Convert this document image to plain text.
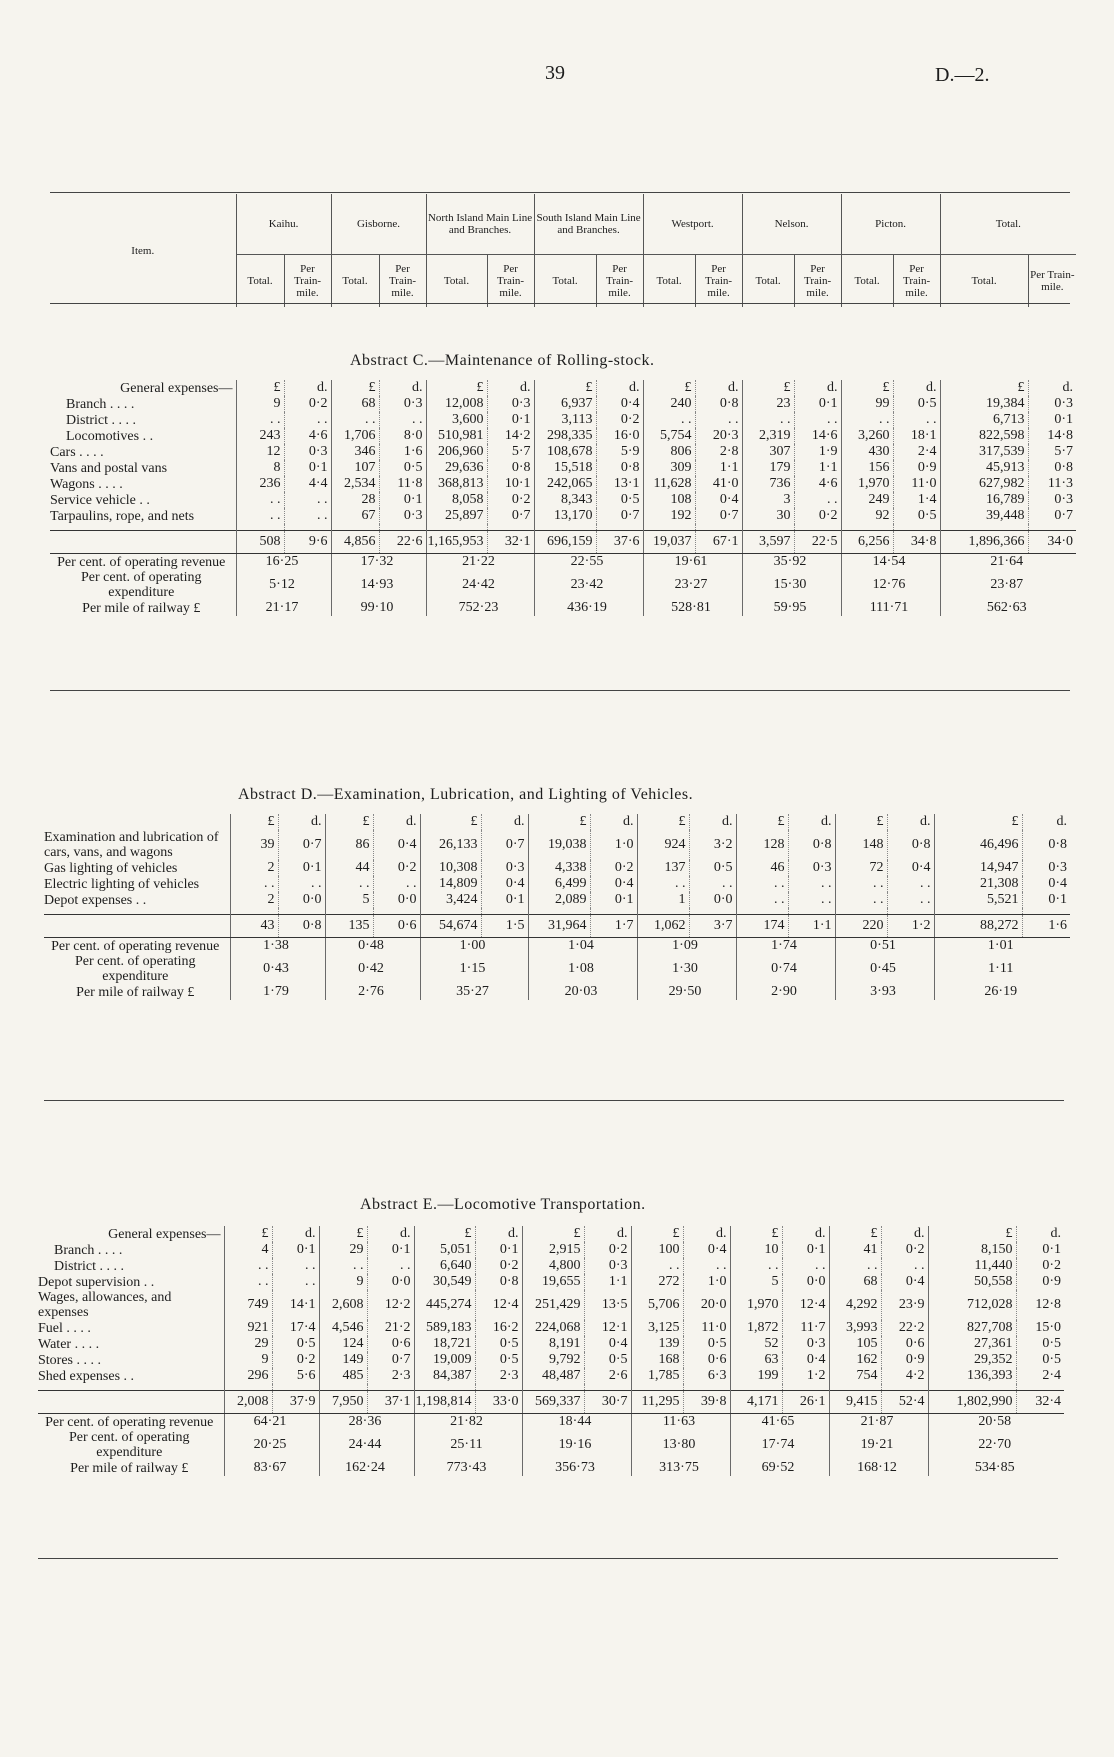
39	D.—2.
Item.	Kaihu.		Gisborne.		North Island Main Line and Branches.		South Island Main Line and Branches.		Westport.		Nelson.		Picton.		Total.	
	Total.	Per Train-mile.	Total.	Per Train-mile.	Total.	Per Train-mile.	Total.	Per Train-mile.	Total.	Per Train-mile.	Total.	Per Train-mile.	Total.	Per Train-mile.	Total.	Per Train-mile.
Abstract C.—Maintenance of Rolling-stock.
General expenses—	£	d.	£	d.	£	d.	£	d.	£	d.	£	d.	£	d.	£	d.
Branch . . . .	9	0·2	68	0·3	12,008	0·3	6,937	0·4	240	0·8	23	0·1	99	0·5	19,384	0·3
District . . . .	. .	. .	. .	. .	3,600	0·1	3,113	0·2	. .	. .	. .	. .	. .	. .	6,713	0·1
Locomotives . .	243	4·6	1,706	8·0	510,981	14·2	298,335	16·0	5,754	20·3	2,319	14·6	3,260	18·1	822,598	14·8
Cars . . . .	12	0·3	346	1·6	206,960	5·7	108,678	5·9	806	2·8	307	1·9	430	2·4	317,539	5·7
Vans and postal vans	8	0·1	107	0·5	29,636	0·8	15,518	0·8	309	1·1	179	1·1	156	0·9	45,913	0·8
Wagons . . . .	236	4·4	2,534	11·8	368,813	10·1	242,065	13·1	11,628	41·0	736	4·6	1,970	11·0	627,982	11·3
Service vehicle . .	. .	. .	28	0·1	8,058	0·2	8,343	0·5	108	0·4	3	. .	249	1·4	16,789	0·3
Tarpaulins, rope, and nets	. .	. .	67	0·3	25,897	0·7	13,170	0·7	192	0·7	30	0·2	92	0·5	39,448	0·7

	508	9·6	4,856	22·6	1,165,953	32·1	696,159	37·6	19,037	67·1	3,597	22·5	6,256	34·8	1,896,366	34·0
Per cent. of operating revenue	16·25		17·32		21·22		22·55		19·61		35·92		14·54		21·64	
Per cent. of operating expenditure	5·12		14·93		24·42		23·42		23·27		15·30		12·76		23·87	
Per mile of railway £	21·17		99·10		752·23		436·19		528·81		59·95		111·71		562·63	
Abstract D.—Examination, Lubrication, and Lighting of Vehicles.
	£	d.	£	d.	£	d.	£	d.	£	d.	£	d.	£	d.	£	d.
Examination and lubrication of cars, vans, and wagons	39	0·7	86	0·4	26,133	0·7	19,038	1·0	924	3·2	128	0·8	148	0·8	46,496	0·8
Gas lighting of vehicles	2	0·1	44	0·2	10,308	0·3	4,338	0·2	137	0·5	46	0·3	72	0·4	14,947	0·3
Electric lighting of vehicles	. .	. .	. .	. .	14,809	0·4	6,499	0·4	. .	. .	. .	. .	. .	. .	21,308	0·4
Depot expenses . .	2	0·0	5	0·0	3,424	0·1	2,089	0·1	1	0·0	. .	. .	. .	. .	5,521	0·1

	43	0·8	135	0·6	54,674	1·5	31,964	1·7	1,062	3·7	174	1·1	220	1·2	88,272	1·6
Per cent. of operating revenue	1·38		0·48		1·00		1·04		1·09		1·74		0·51		1·01	
Per cent. of operating expenditure	0·43		0·42		1·15		1·08		1·30		0·74		0·45		1·11	
Per mile of railway £	1·79		2·76		35·27		20·03		29·50		2·90		3·93		26·19	
Abstract E.—Locomotive Transportation.
General expenses—	£	d.	£	d.	£	d.	£	d.	£	d.	£	d.	£	d.	£	d.
Branch . . . .	4	0·1	29	0·1	5,051	0·1	2,915	0·2	100	0·4	10	0·1	41	0·2	8,150	0·1
District . . . .	. .	. .	. .	. .	6,640	0·2	4,800	0·3	. .	. .	. .	. .	. .	. .	11,440	0·2
Depot supervision . .	. .	. .	9	0·0	30,549	0·8	19,655	1·1	272	1·0	5	0·0	68	0·4	50,558	0·9
Wages, allowances, and expenses	749	14·1	2,608	12·2	445,274	12·4	251,429	13·5	5,706	20·0	1,970	12·4	4,292	23·9	712,028	12·8
Fuel . . . .	921	17·4	4,546	21·2	589,183	16·2	224,068	12·1	3,125	11·0	1,872	11·7	3,993	22·2	827,708	15·0
Water . . . .	29	0·5	124	0·6	18,721	0·5	8,191	0·4	139	0·5	52	0·3	105	0·6	27,361	0·5
Stores . . . .	9	0·2	149	0·7	19,009	0·5	9,792	0·5	168	0·6	63	0·4	162	0·9	29,352	0·5
Shed expenses . .	296	5·6	485	2·3	84,387	2·3	48,487	2·6	1,785	6·3	199	1·2	754	4·2	136,393	2·4

	2,008	37·9	7,950	37·1	1,198,814	33·0	569,337	30·7	11,295	39·8	4,171	26·1	9,415	52·4	1,802,990	32·4
Per cent. of operating revenue	64·21		28·36		21·82		18·44		11·63		41·65		21·87		20·58	
Per cent. of operating expenditure	20·25		24·44		25·11		19·16		13·80		17·74		19·21		22·70	
Per mile of railway £	83·67		162·24		773·43		356·73		313·75		69·52		168·12		534·85	
